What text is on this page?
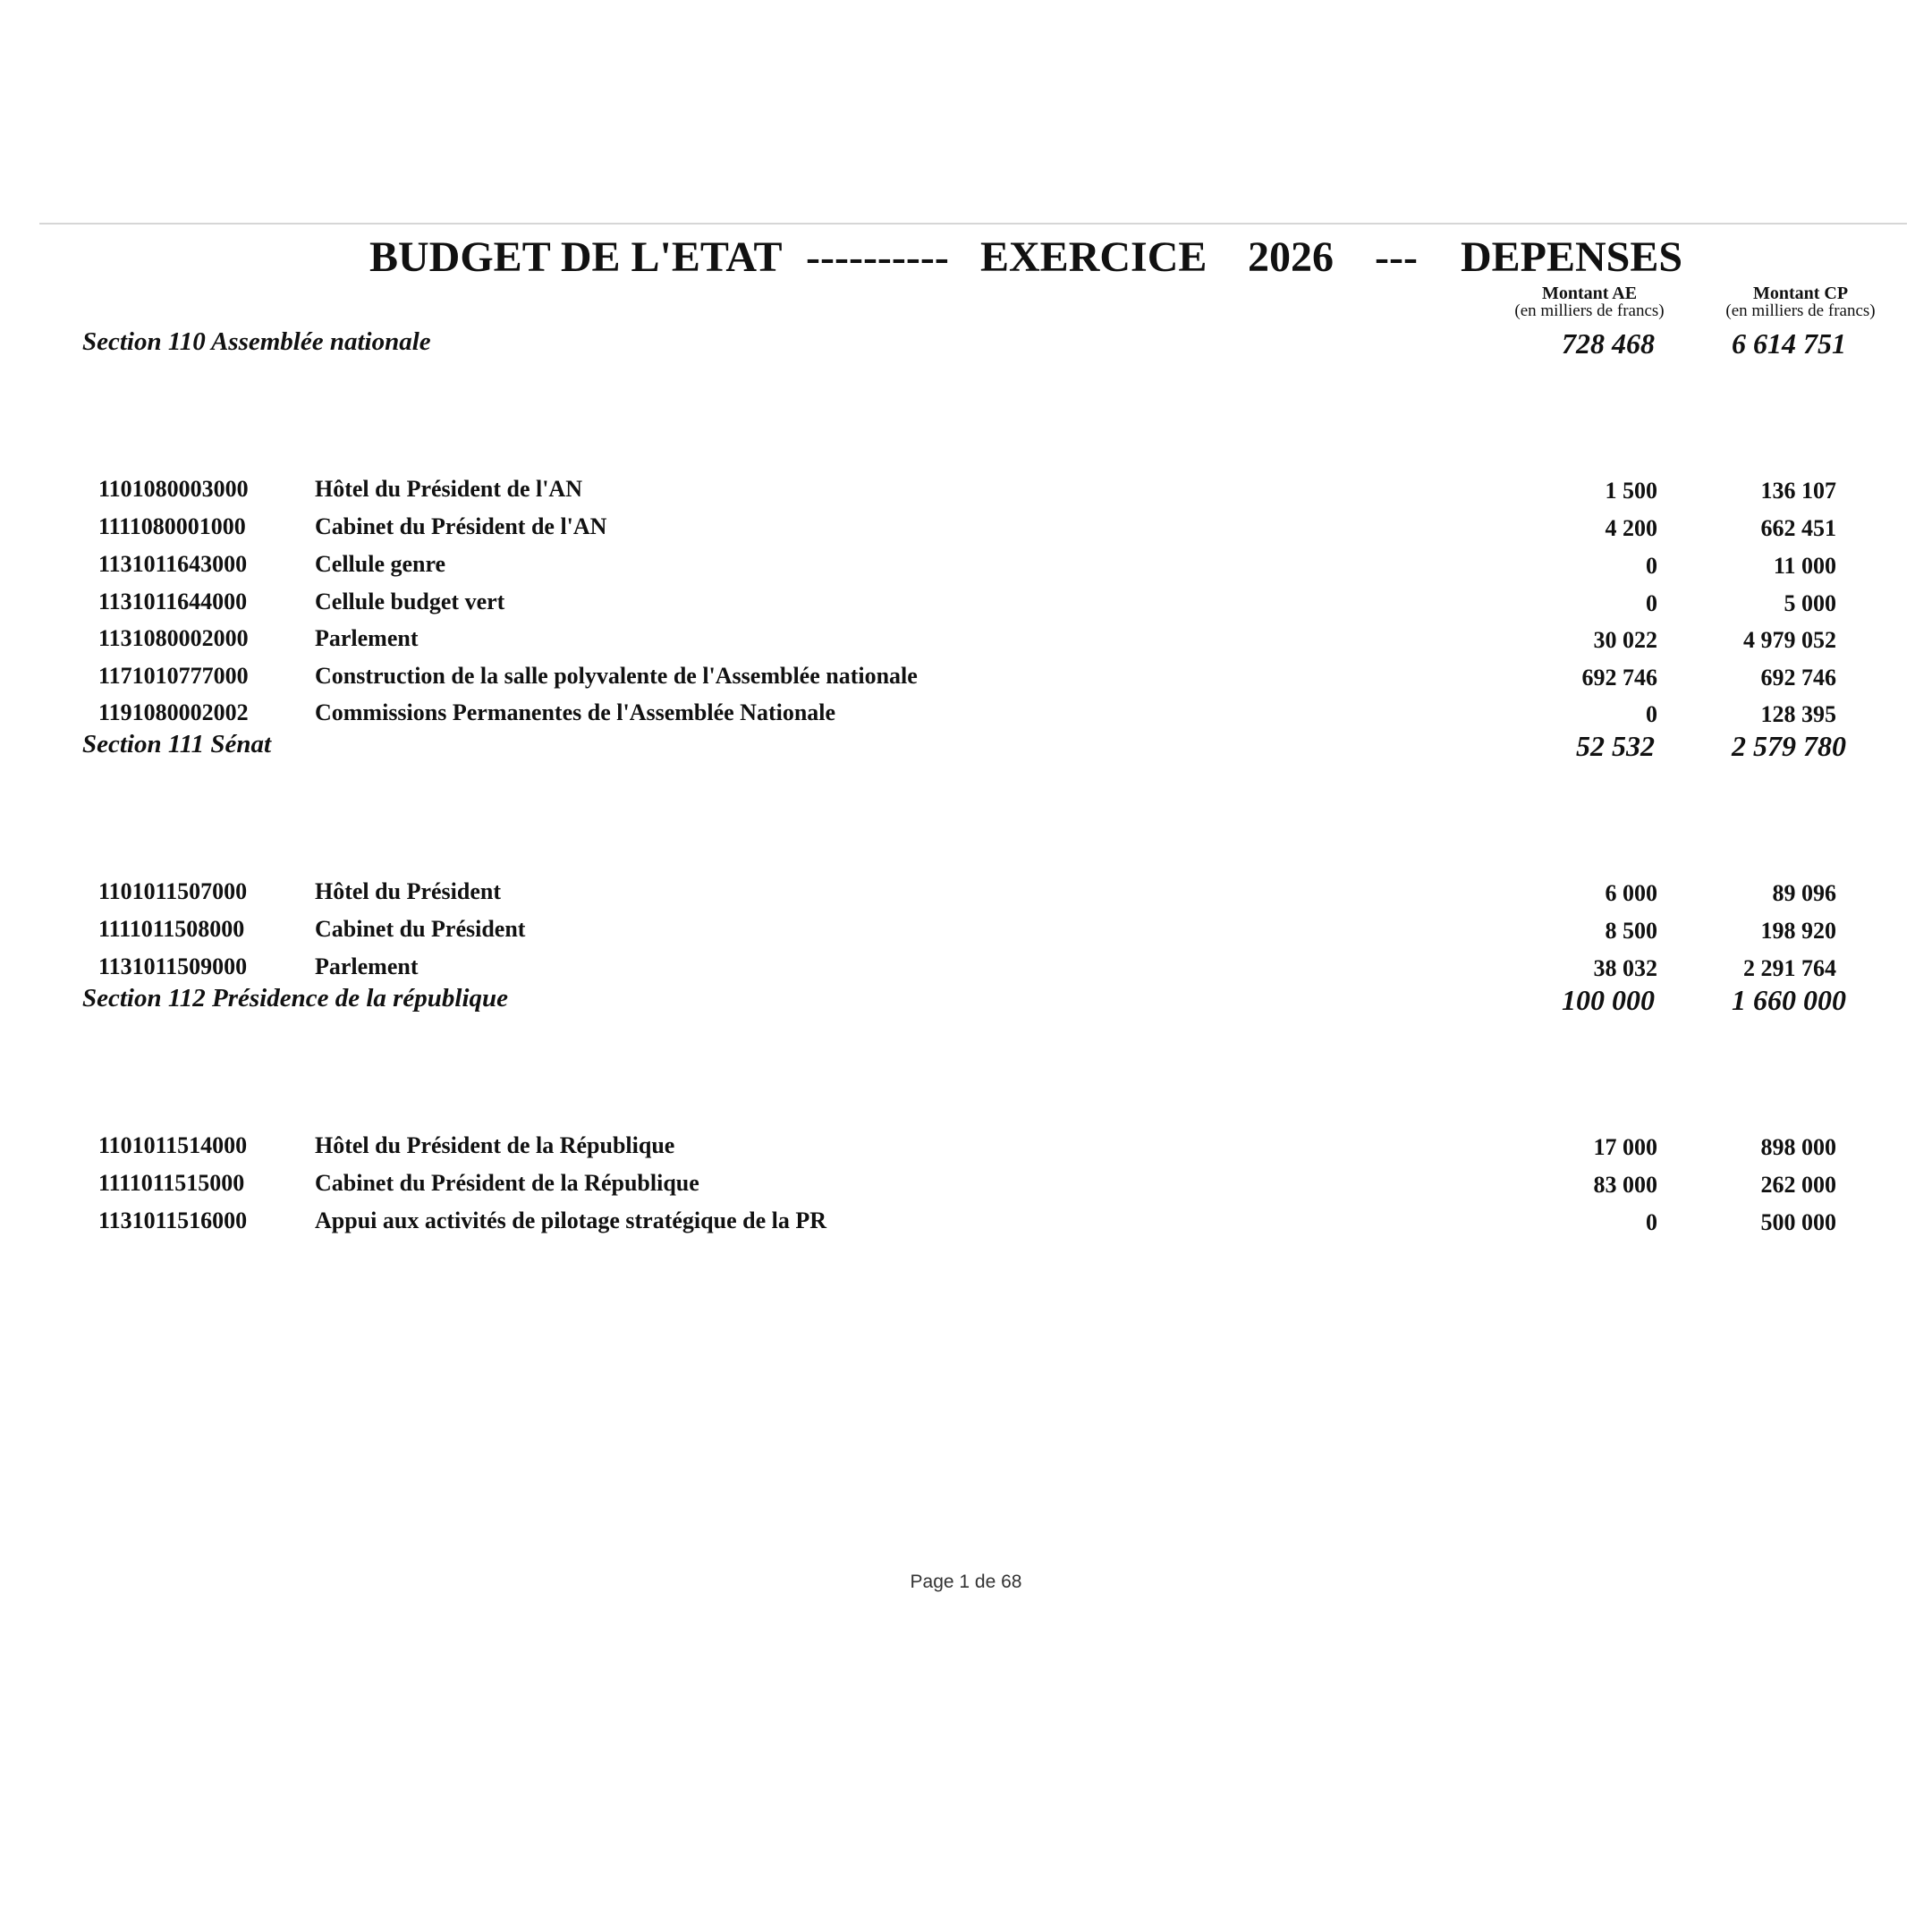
BUDGET DE L'ETAT ---------- EXERCICE 2026 ---	DEPENSES
Montant AE
(en milliers de francs)
Montant CP
(en milliers de francs)
Section 110 Assemblée nationale	728 468	6 614 751
1101080003000	Hôtel du Président de l'AN	1 500	136 107
1111080001000	Cabinet du Président de l'AN	4 200	662 451
1131011643000	Cellule genre	0	11 000
1131011644000	Cellule budget vert	0	5 000
1131080002000	Parlement	30 022	4 979 052
1171010777000	Construction de la salle polyvalente de l'Assemblée nationale	692 746	692 746
1191080002002	Commissions Permanentes de l'Assemblée Nationale	0	128 395
Section 111 Sénat	52 532	2 579 780
1101011507000	Hôtel du Président	6 000	89 096
1111011508000	Cabinet du Président	8 500	198 920
1131011509000	Parlement	38 032	2 291 764
Section 112 Présidence de la république	100 000	1 660 000
1101011514000	Hôtel du Président de la République	17 000	898 000
1111011515000	Cabinet du Président de la République	83 000	262 000
1131011516000	Appui aux activités de pilotage stratégique de la PR	0	500 000
Page 1 de 68
